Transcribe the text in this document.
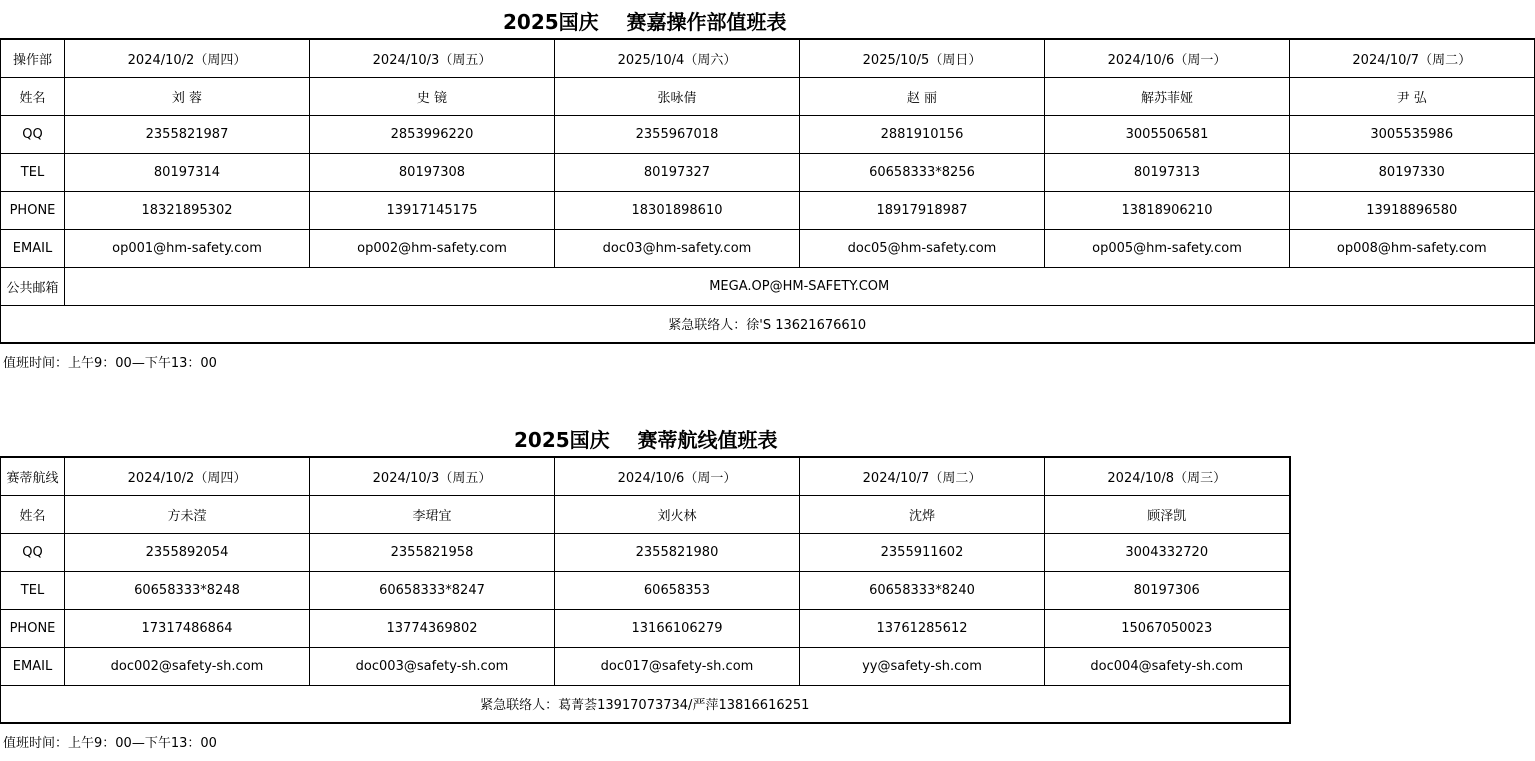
2025国庆    赛嘉操作部值班表
操作部	2024/10/2（周四）	2024/10/3（周五）	2025/10/4（周六）	2025/10/5（周日）	2024/10/6（周一）	2024/10/7（周二）
姓名	刘 蓉	史 镜	张咏倩	赵 丽	解苏菲娅	尹 弘
QQ	2355821987	2853996220	2355967018	2881910156	3005506581	3005535986
TEL	80197314	80197308	80197327	60658333*8256	80197313	80197330
PHONE	18321895302	13917145175	18301898610	18917918987	13818906210	13918896580
EMAIL	op001@hm-safety.com	op002@hm-safety.com	doc03@hm-safety.com	doc05@hm-safety.com	op005@hm-safety.com	op008@hm-safety.com
公共邮箱	MEGA.OP@HM-SAFETY.COM					
紧急联络人：徐'S 13621676610						
值班时间：上午9：00—下午13：00
2025国庆    赛蒂航线值班表
赛蒂航线	2024/10/2（周四）	2024/10/3（周五）	2024/10/6（周一）	2024/10/7（周二）	2024/10/8（周三）
姓名	方未滢	李珺宜	刘火林	沈烨	顾泽凯
QQ	2355892054	2355821958	2355821980	2355911602	3004332720
TEL	60658333*8248	60658333*8247	60658353	60658333*8240	80197306
PHONE	17317486864	13774369802	13166106279	13761285612	15067050023
EMAIL	doc002@safety-sh.com	doc003@safety-sh.com	doc017@safety-sh.com	yy@safety-sh.com	doc004@safety-sh.com
紧急联络人：葛菁荟13917073734/严萍13816616251					
值班时间：上午9：00—下午13：00
